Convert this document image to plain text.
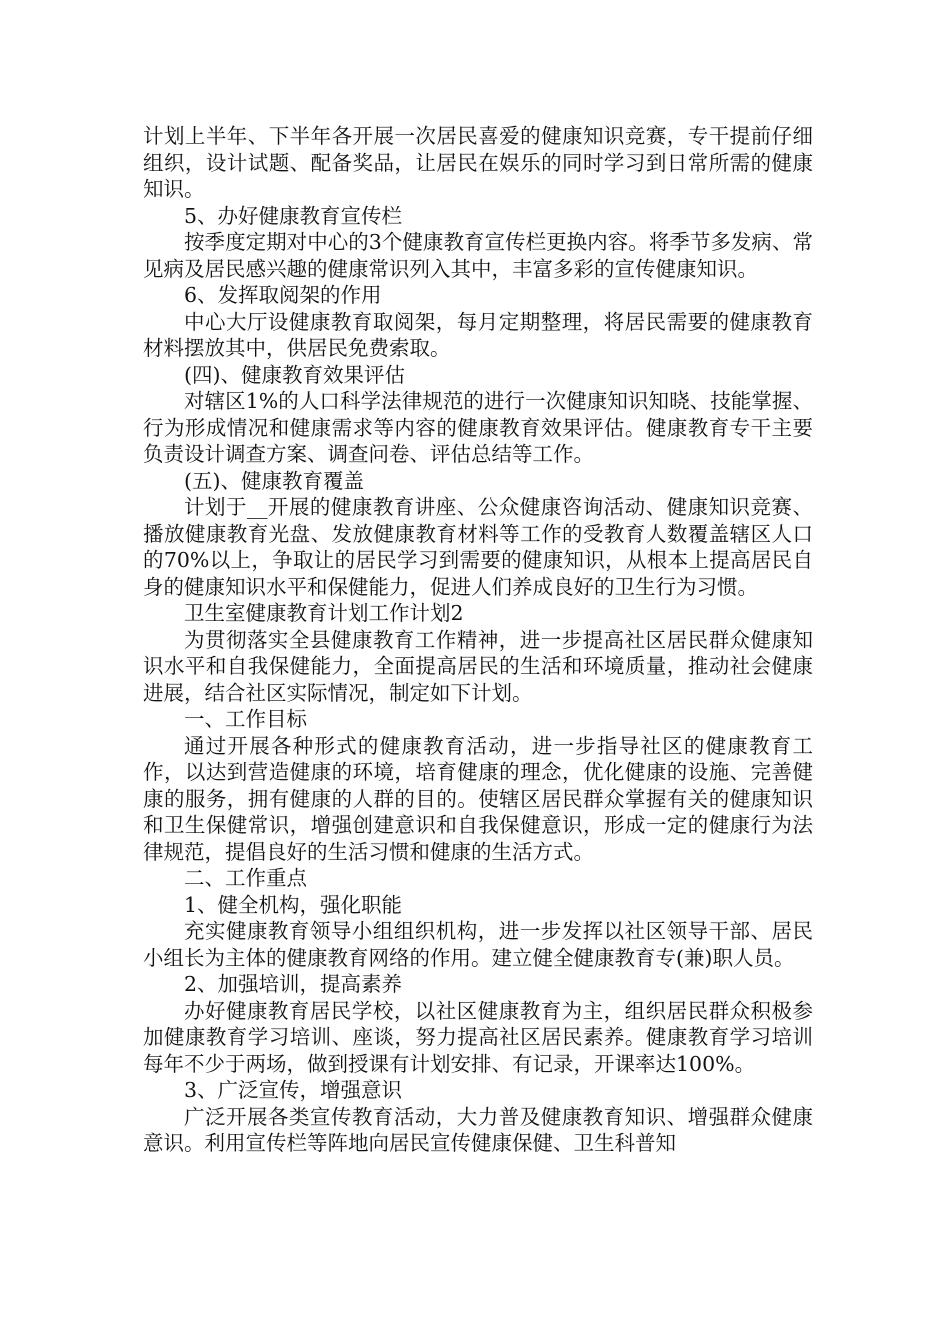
计划上半年、下半年各开展一次居民喜爱的健康知识竞赛，专干提前仔细组织，设计试题、配备奖品，让居民在娱乐的同时学习到日常所需的健康知识。

5、办好健康教育宣传栏

按季度定期对中心的3个健康教育宣传栏更换内容。将季节多发病、常见病及居民感兴趣的健康常识列入其中，丰富多彩的宣传健康知识。

6、发挥取阅架的作用

中心大厅设健康教育取阅架，每月定期整理，将居民需要的健康教育材料摆放其中，供居民免费索取。

(四)、健康教育效果评估

对辖区1%的人口科学法律规范的进行一次健康知识知晓、技能掌握、行为形成情况和健康需求等内容的健康教育效果评估。健康教育专干主要负责设计调查方案、调查问卷、评估总结等工作。

(五)、健康教育覆盖

计划于__开展的健康教育讲座、公众健康咨询活动、健康知识竞赛、播放健康教育光盘、发放健康教育材料等工作的受教育人数覆盖辖区人口的70%以上，争取让的居民学习到需要的健康知识，从根本上提高居民自身的健康知识水平和保健能力，促进人们养成良好的卫生行为习惯。

卫生室健康教育计划工作计划2

为贯彻落实全县健康教育工作精神，进一步提高社区居民群众健康知识水平和自我保健能力，全面提高居民的生活和环境质量，推动社会健康进展，结合社区实际情况，制定如下计划。

一、工作目标

通过开展各种形式的健康教育活动，进一步指导社区的健康教育工作，以达到营造健康的环境，培育健康的理念，优化健康的设施、完善健康的服务，拥有健康的人群的目的。使辖区居民群众掌握有关的健康知识和卫生保健常识，增强创建意识和自我保健意识，形成一定的健康行为法律规范，提倡良好的生活习惯和健康的生活方式。

二、工作重点

1、健全机构，强化职能

充实健康教育领导小组组织机构，进一步发挥以社区领导干部、居民小组长为主体的健康教育网络的作用。建立健全健康教育专(兼)职人员。

2、加强培训，提高素养

办好健康教育居民学校，以社区健康教育为主，组织居民群众积极参加健康教育学习培训、座谈，努力提高社区居民素养。健康教育学习培训每年不少于两场，做到授课有计划安排、有记录，开课率达100%。

3、广泛宣传，增强意识

广泛开展各类宣传教育活动，大力普及健康教育知识、增强群众健康意识。利用宣传栏等阵地向居民宣传健康保健、卫生科普知
